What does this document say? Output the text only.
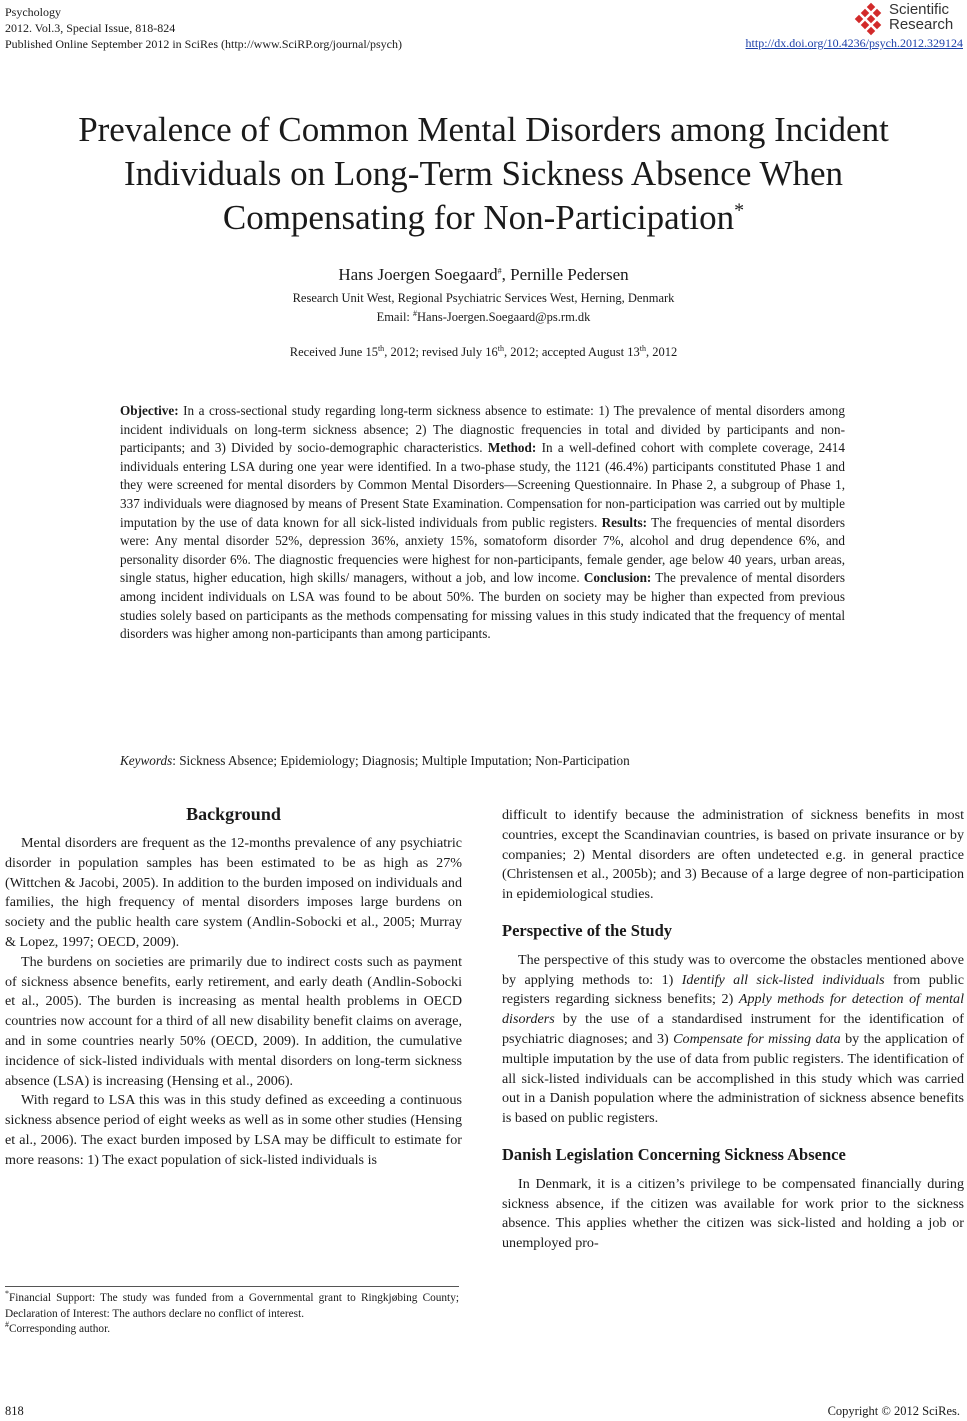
Psychology
2012. Vol.3, Special Issue, 818-824
Published Online September 2012 in SciRes (http://www.SciRP.org/journal/psych)
Scientific
Research
http://dx.doi.org/10.4236/psych.2012.329124
Prevalence of Common Mental Disorders among Incident
Individuals on Long-Term Sickness Absence When
Compensating for Non-Participation*
Hans Joergen Soegaard#, Pernille Pedersen
Research Unit West, Regional Psychiatric Services West, Herning, Denmark
Email: #Hans-Joergen.Soegaard@ps.rm.dk
Received June 15th, 2012; revised July 16th, 2012; accepted August 13th, 2012
Objective: In a cross-sectional study regarding long-term sickness absence to estimate: 1) The prevalence of mental disorders among incident individuals on long-term sickness absence; 2) The diagnostic frequencies in total and divided by participants and non-participants; and 3) Divided by socio-demographic characteristics. Method: In a well-defined cohort with complete coverage, 2414 individuals entering LSA during one year were identified. In a two-phase study, the 1121 (46.4%) participants constituted Phase 1 and they were screened for mental disorders by Common Mental Disorders—Screening Questionnaire. In Phase 2, a subgroup of Phase 1, 337 individuals were diagnosed by means of Present State Examination. Compensation for non-participation was carried out by multiple imputation by the use of data known for all sick-listed individuals from public registers. Results: The frequencies of mental disorders were: Any mental disorder 52%, depression 36%, anxiety 15%, somatoform disorder 7%, alcohol and drug dependence 6%, and personality disorder 6%. The diagnostic frequencies were highest for non-participants, female gender, age below 40 years, urban areas, single status, higher education, high skills/ managers, without a job, and low income. Conclusion: The prevalence of mental disorders among incident individuals on LSA was found to be about 50%. The burden on society may be higher than expected from previous studies solely based on participants as the methods compensating for missing values in this study indicated that the frequency of mental disorders was higher among non-participants than among participants.
Keywords: Sickness Absence; Epidemiology; Diagnosis; Multiple Imputation; Non-Participation
Background

Mental disorders are frequent as the 12-months prevalence of any psychiatric disorder in population samples has been estimated to be as high as 27% (Wittchen & Jacobi, 2005). In addition to the burden imposed on individuals and families, the high frequency of mental disorders imposes large burdens on society and the public health care system (Andlin-Sobocki et al., 2005; Murray & Lopez, 1997; OECD, 2009).

The burdens on societies are primarily due to indirect costs such as payment of sickness absence benefits, early retirement, and early death (Andlin-Sobocki et al., 2005). The burden is increasing as mental health problems in OECD countries now account for a third of all new disability benefit claims on average, and in some countries nearly 50% (OECD, 2009). In addition, the cumulative incidence of sick-listed individuals with mental disorders on long-term sickness absence (LSA) is increasing (Hensing et al., 2006).

With regard to LSA this was in this study defined as exceeding a continuous sickness absence period of eight weeks as well as in some other studies (Hensing et al., 2006). The exact burden imposed by LSA may be difficult to estimate for more reasons: 1) The exact population of sick-listed individuals is

*Financial Support: The study was funded from a Governmental grant to Ringkjøbing County; Declaration of Interest: The authors declare no conflict of interest.
#Corresponding author.

difficult to identify because the administration of sickness benefits in most countries, except the Scandinavian countries, is based on private insurance or by companies; 2) Mental disorders are often undetected e.g. in general practice (Christensen et al., 2005b); and 3) Because of a large degree of non-participation in epidemiological studies.

Perspective of the Study

The perspective of this study was to overcome the obstacles mentioned above by applying methods to: 1) Identify all sick-listed individuals from public registers regarding sickness benefits; 2) Apply methods for detection of mental disorders by the use of a standardised instrument for the identification of psychiatric diagnoses; and 3) Compensate for missing data by the application of multiple imputation by the use of data from public registers. The identification of all sick-listed individuals can be accomplished in this study which was carried out in a Danish population where the administration of sickness absence benefits is based on public registers.

Danish Legislation Concerning Sickness Absence

In Denmark, it is a citizen’s privilege to be compensated financially during sickness absence, if the citizen was available for work prior to the sickness absence. This applies whether the citizen was sick-listed and holding a job or unemployed pro-

818	Copyright © 2012 SciRes.
